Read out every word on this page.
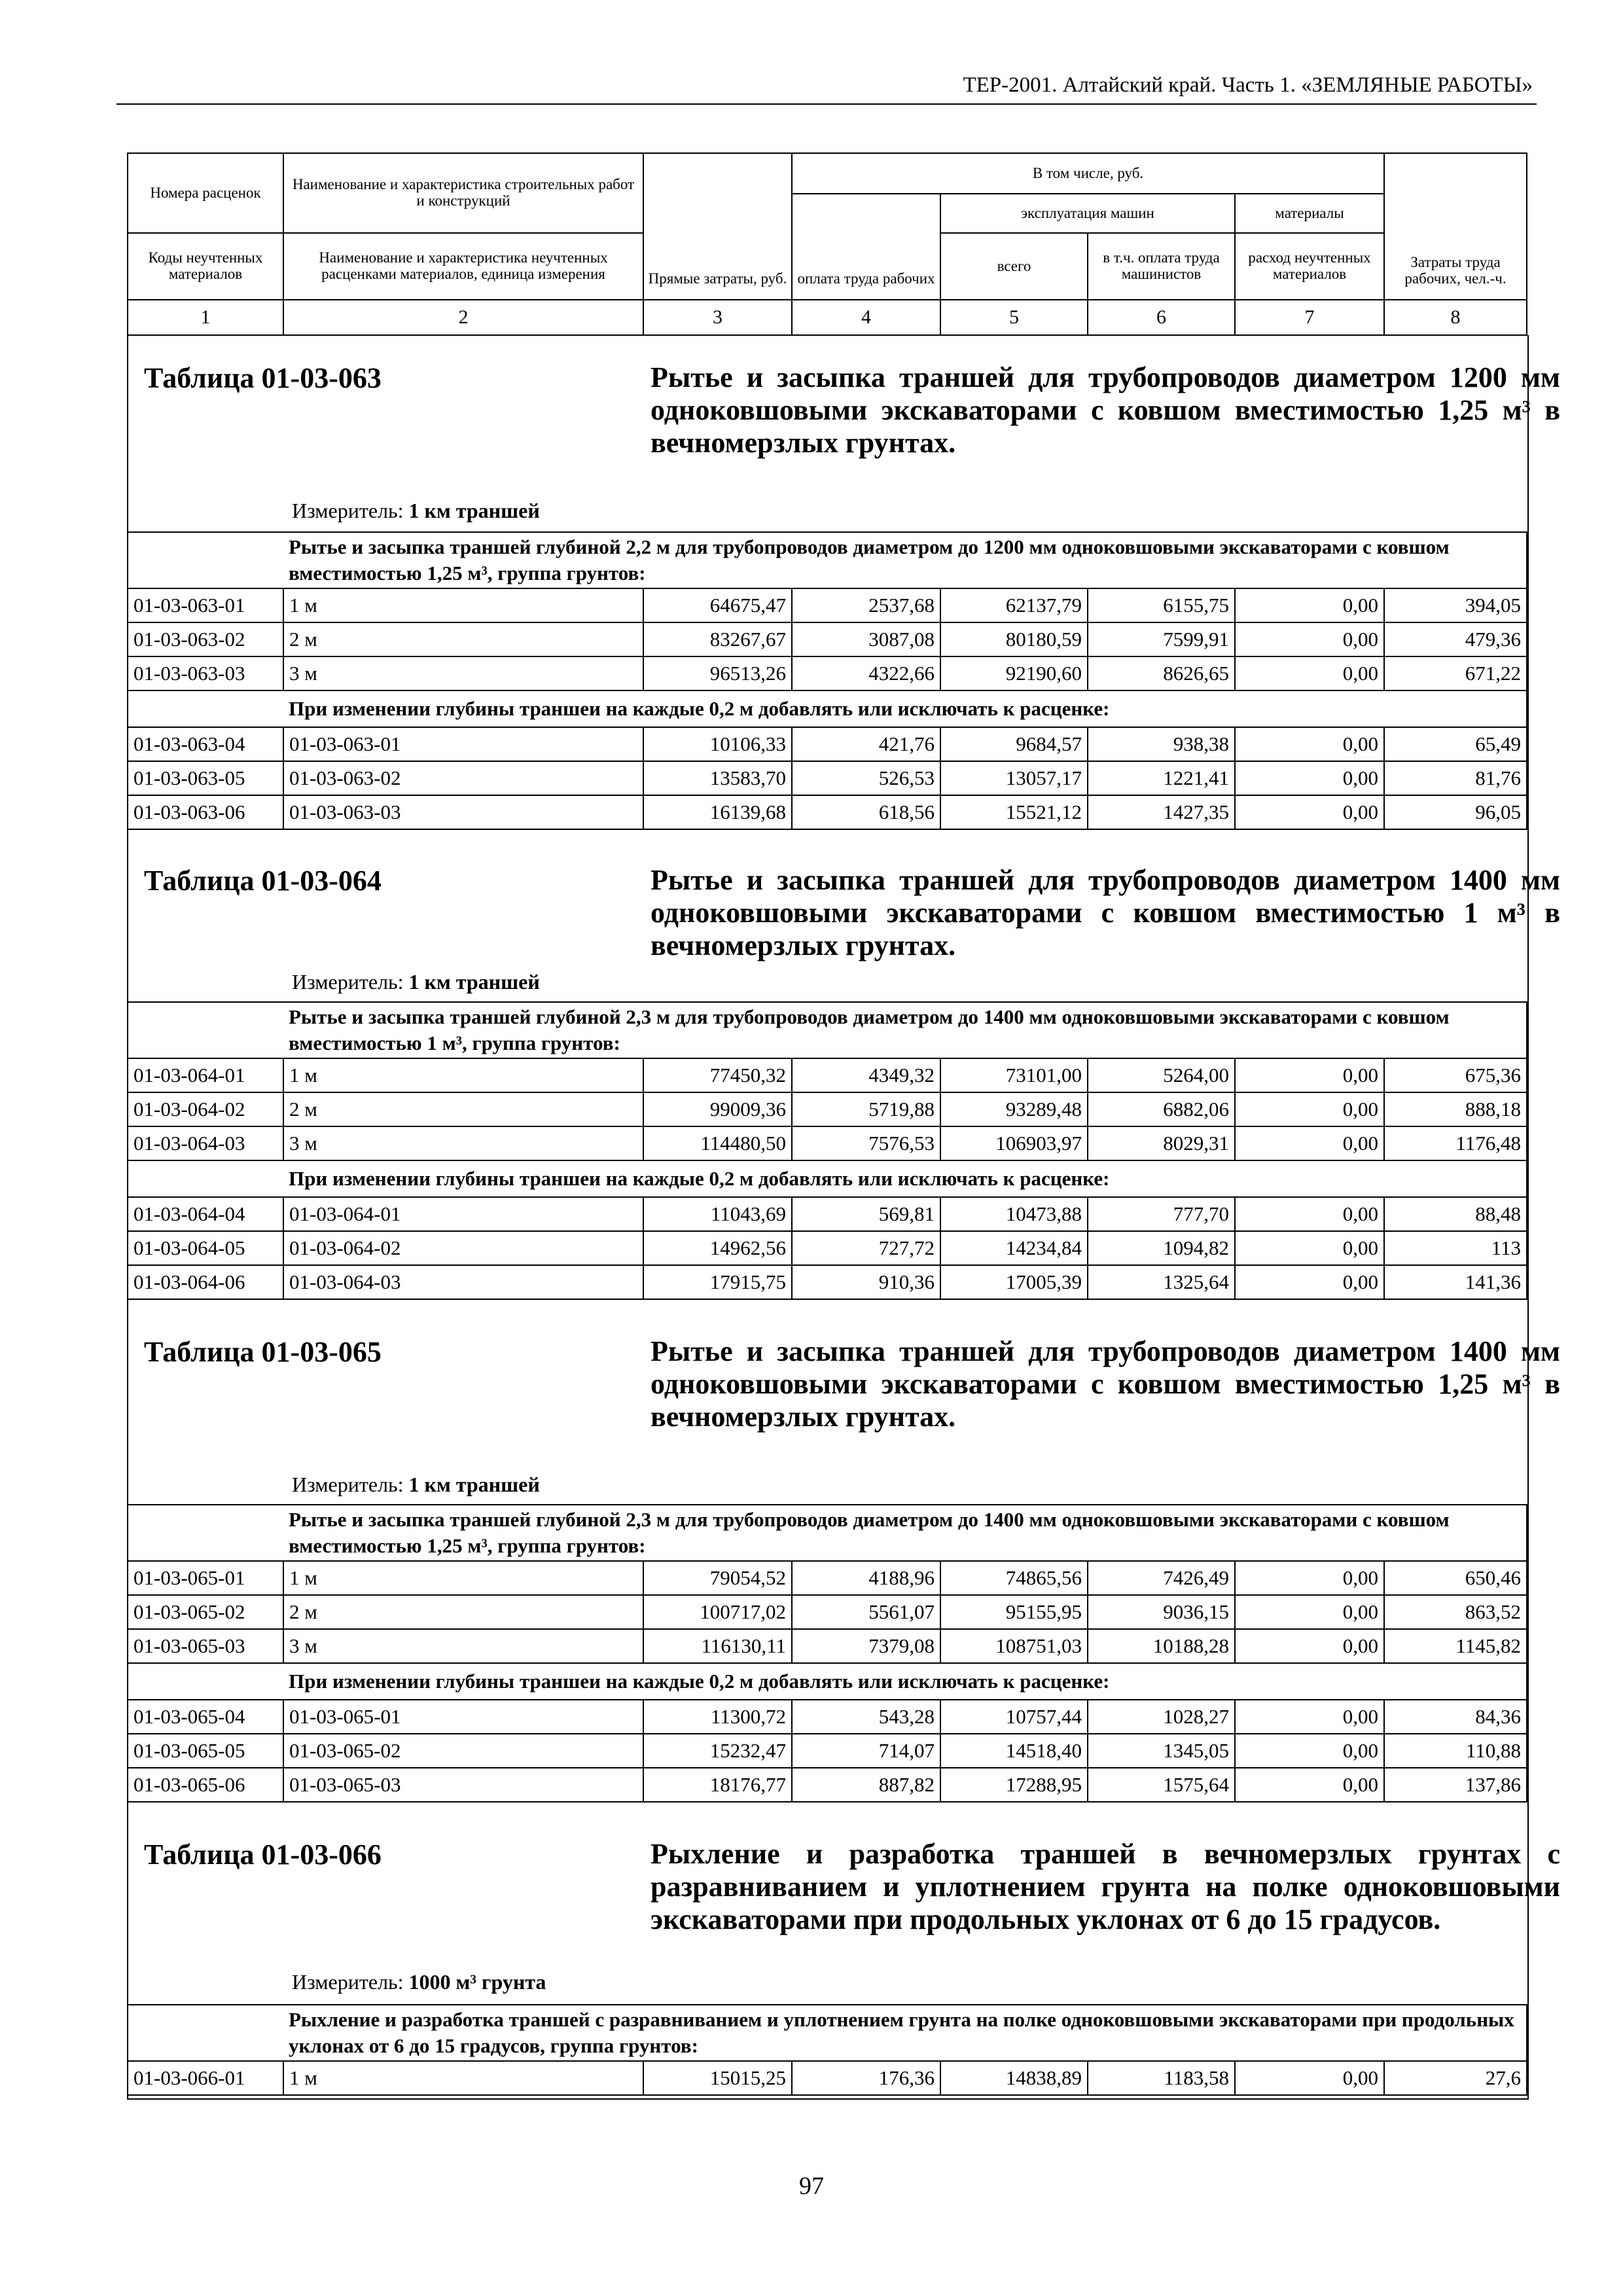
ТЕР-2001. Алтайский край. Часть 1. «ЗЕМЛЯНЫЕ РАБОТЫ»
Номера расценок	Наименование и характеристика строительных работ и конструкций	Прямые затраты, руб.	В том числе, руб.				Затраты труда рабочих, чел.-ч.
			оплата труда рабочих	эксплуатация машин		материалы	
Коды неучтенных материалов	Наименование и характеристика неучтенных расценками материалов, единица измерения			всего	в т.ч. оплата труда машинистов	расход неучтенных материалов	
1	2	3	4	5	6	7	8
Таблица 01-03-063	Рытье и засыпка траншей для трубопроводов диаметром 1200 мм одноковшовыми экскаваторами с ковшом вместимостью 1,25 м³ в вечномерзлых грунтах.
Измеритель: 1 км траншей
	Рытье и засыпка траншей глубиной 2,2 м для трубопроводов диаметром до 1200 мм одноковшовыми экскаваторами с ковшом вместимостью 1,25 м³, группа грунтов:						
01-03-063-01	1 м	64675,47	2537,68	62137,79	6155,75	0,00	394,05
01-03-063-02	2 м	83267,67	3087,08	80180,59	7599,91	0,00	479,36
01-03-063-03	3 м	96513,26	4322,66	92190,60	8626,65	0,00	671,22
	При изменении глубины траншеи на каждые 0,2 м добавлять или исключать к расценке:						
01-03-063-04	01-03-063-01	10106,33	421,76	9684,57	938,38	0,00	65,49
01-03-063-05	01-03-063-02	13583,70	526,53	13057,17	1221,41	0,00	81,76
01-03-063-06	01-03-063-03	16139,68	618,56	15521,12	1427,35	0,00	96,05
Таблица 01-03-064	Рытье и засыпка траншей для трубопроводов диаметром 1400 мм одноковшовыми экскаваторами с ковшом вместимостью 1 м³ в вечномерзлых грунтах.
Измеритель: 1 км траншей
	Рытье и засыпка траншей глубиной 2,3 м для трубопроводов диаметром до 1400 мм одноковшовыми экскаваторами с ковшом вместимостью 1 м³, группа грунтов:						
01-03-064-01	1 м	77450,32	4349,32	73101,00	5264,00	0,00	675,36
01-03-064-02	2 м	99009,36	5719,88	93289,48	6882,06	0,00	888,18
01-03-064-03	3 м	114480,50	7576,53	106903,97	8029,31	0,00	1176,48
	При изменении глубины траншеи на каждые 0,2 м добавлять или исключать к расценке:						
01-03-064-04	01-03-064-01	11043,69	569,81	10473,88	777,70	0,00	88,48
01-03-064-05	01-03-064-02	14962,56	727,72	14234,84	1094,82	0,00	113
01-03-064-06	01-03-064-03	17915,75	910,36	17005,39	1325,64	0,00	141,36
Таблица 01-03-065	Рытье и засыпка траншей для трубопроводов диаметром 1400 мм одноковшовыми экскаваторами с ковшом вместимостью 1,25 м³ в вечномерзлых грунтах.
Измеритель: 1 км траншей
	Рытье и засыпка траншей глубиной 2,3 м для трубопроводов диаметром до 1400 мм одноковшовыми экскаваторами с ковшом вместимостью 1,25 м³, группа грунтов:						
01-03-065-01	1 м	79054,52	4188,96	74865,56	7426,49	0,00	650,46
01-03-065-02	2 м	100717,02	5561,07	95155,95	9036,15	0,00	863,52
01-03-065-03	3 м	116130,11	7379,08	108751,03	10188,28	0,00	1145,82
	При изменении глубины траншеи на каждые 0,2 м добавлять или исключать к расценке:						
01-03-065-04	01-03-065-01	11300,72	543,28	10757,44	1028,27	0,00	84,36
01-03-065-05	01-03-065-02	15232,47	714,07	14518,40	1345,05	0,00	110,88
01-03-065-06	01-03-065-03	18176,77	887,82	17288,95	1575,64	0,00	137,86
Таблица 01-03-066	Рыхление и разработка траншей в вечномерзлых грунтах с разравниванием и уплотнением грунта на полке одноковшовыми экскаваторами при продольных уклонах от 6 до 15 градусов.
Измеритель: 1000 м³ грунта
	Рыхление и разработка траншей с разравниванием и уплотнением грунта на полке одноковшовыми экскаваторами при продольных уклонах от 6 до 15 градусов, группа грунтов:						
01-03-066-01	1 м	15015,25	176,36	14838,89	1183,58	0,00	27,6
97
